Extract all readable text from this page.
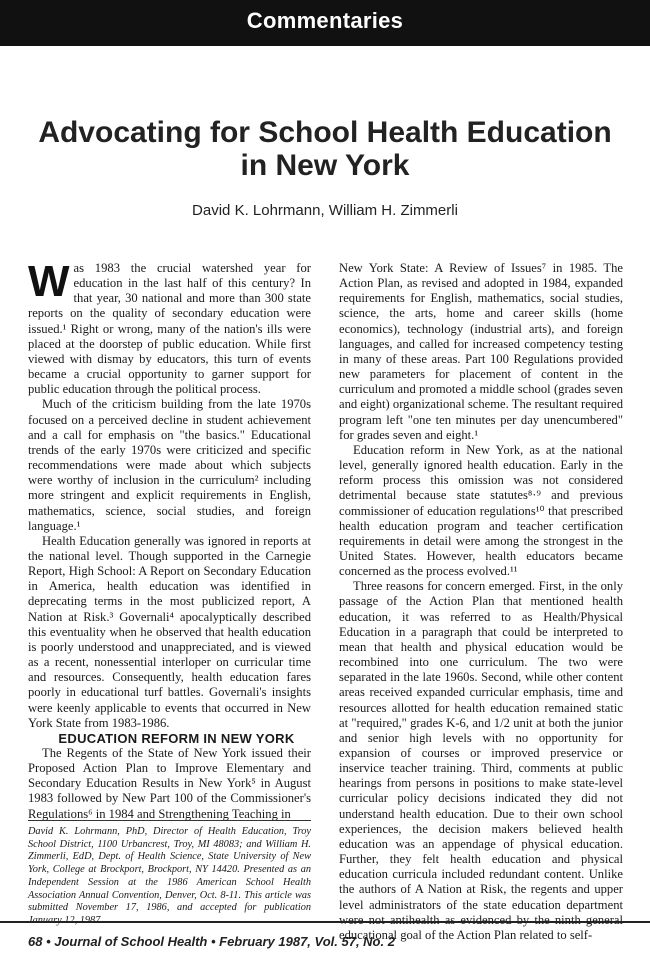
Commentaries
Advocating for School Health Education
in New York
David K. Lohrmann, William H. Zimmerli

Was 1983 the crucial watershed year for education in the last half of this century? In that year, 30 national and more than 300 state reports on the quality of secondary education were issued.¹ Right or wrong, many of the nation's ills were placed at the doorstep of public education. While first viewed with dismay by educators, this turn of events became a crucial opportunity to garner support for public education through the political process.

Much of the criticism building from the late 1970s focused on a perceived decline in student achievement and a call for emphasis on "the basics." Educational trends of the early 1970s were criticized and specific recommendations were made about which subjects were worthy of inclusion in the curriculum² including more stringent and explicit requirements in English, mathematics, science, social studies, and foreign language.¹

Health Education generally was ignored in reports at the national level. Though supported in the Carnegie Report, High School: A Report on Secondary Education in America, health education was identified in deprecating terms in the most publicized report, A Nation at Risk.³ Governali⁴ apocalyptically described this eventuality when he observed that health education is poorly understood and unappreciated, and is viewed as a recent, nonessential interloper on curricular time and resources. Consequently, health education fares poorly in educational turf battles. Governali's insights were keenly applicable to events that occurred in New York State from 1983-1986.

EDUCATION REFORM IN NEW YORK

The Regents of the State of New York issued their Proposed Action Plan to Improve Elementary and Secondary Education Results in New York⁵ in August 1983 followed by New Part 100 of the Commissioner's Regulations⁶ in 1984 and Strengthening Teaching in

David K. Lohrmann, PhD, Director of Health Education, Troy School District, 1100 Urbancrest, Troy, MI 48083; and William H. Zimmerli, EdD, Dept. of Health Science, State University of New York, College at Brockport, Brockport, NY 14420. Presented as an Independent Session at the 1986 American School Health Association Annual Convention, Denver, Oct. 8-11. This article was submitted November 17, 1986, and accepted for publication January 12, 1987.

New York State: A Review of Issues⁷ in 1985. The Action Plan, as revised and adopted in 1984, expanded requirements for English, mathematics, social studies, science, the arts, home and career skills (home economics), technology (industrial arts), and foreign languages, and called for increased competency testing in many of these areas. Part 100 Regulations provided new parameters for placement of content in the curriculum and promoted a middle school (grades seven and eight) organizational scheme. The resultant required program left "one ten minutes per day unencumbered" for grades seven and eight.¹

Education reform in New York, as at the national level, generally ignored health education. Early in the reform process this omission was not considered detrimental because state statutes⁸·⁹ and previous commissioner of education regulations¹⁰ that prescribed health education program and teacher certification requirements in detail were among the strongest in the United States. However, health educators became concerned as the process evolved.¹¹

Three reasons for concern emerged. First, in the only passage of the Action Plan that mentioned health education, it was referred to as Health/Physical Education in a paragraph that could be interpreted to mean that health and physical education would be recombined into one curriculum. The two were separated in the late 1960s. Second, while other content areas received expanded curricular emphasis, time and resources allotted for health education remained static at "required," grades K-6, and 1/2 unit at both the junior and senior high levels with no opportunity for expansion of courses or improved preservice or inservice teacher training. Third, comments at public hearings from persons in positions to make state-level curricular policy decisions indicated they did not understand health education. Due to their own school experiences, the decision makers believed health education was an appendage of physical education. Further, they felt health education and physical education curricula included redundant content. Unlike the authors of A Nation at Risk, the regents and upper level administrators of the state education department were not antihealth as evidenced by the ninth general educational goal of the Action Plan related to self-

68 • Journal of School Health • February 1987, Vol. 57, No. 2
